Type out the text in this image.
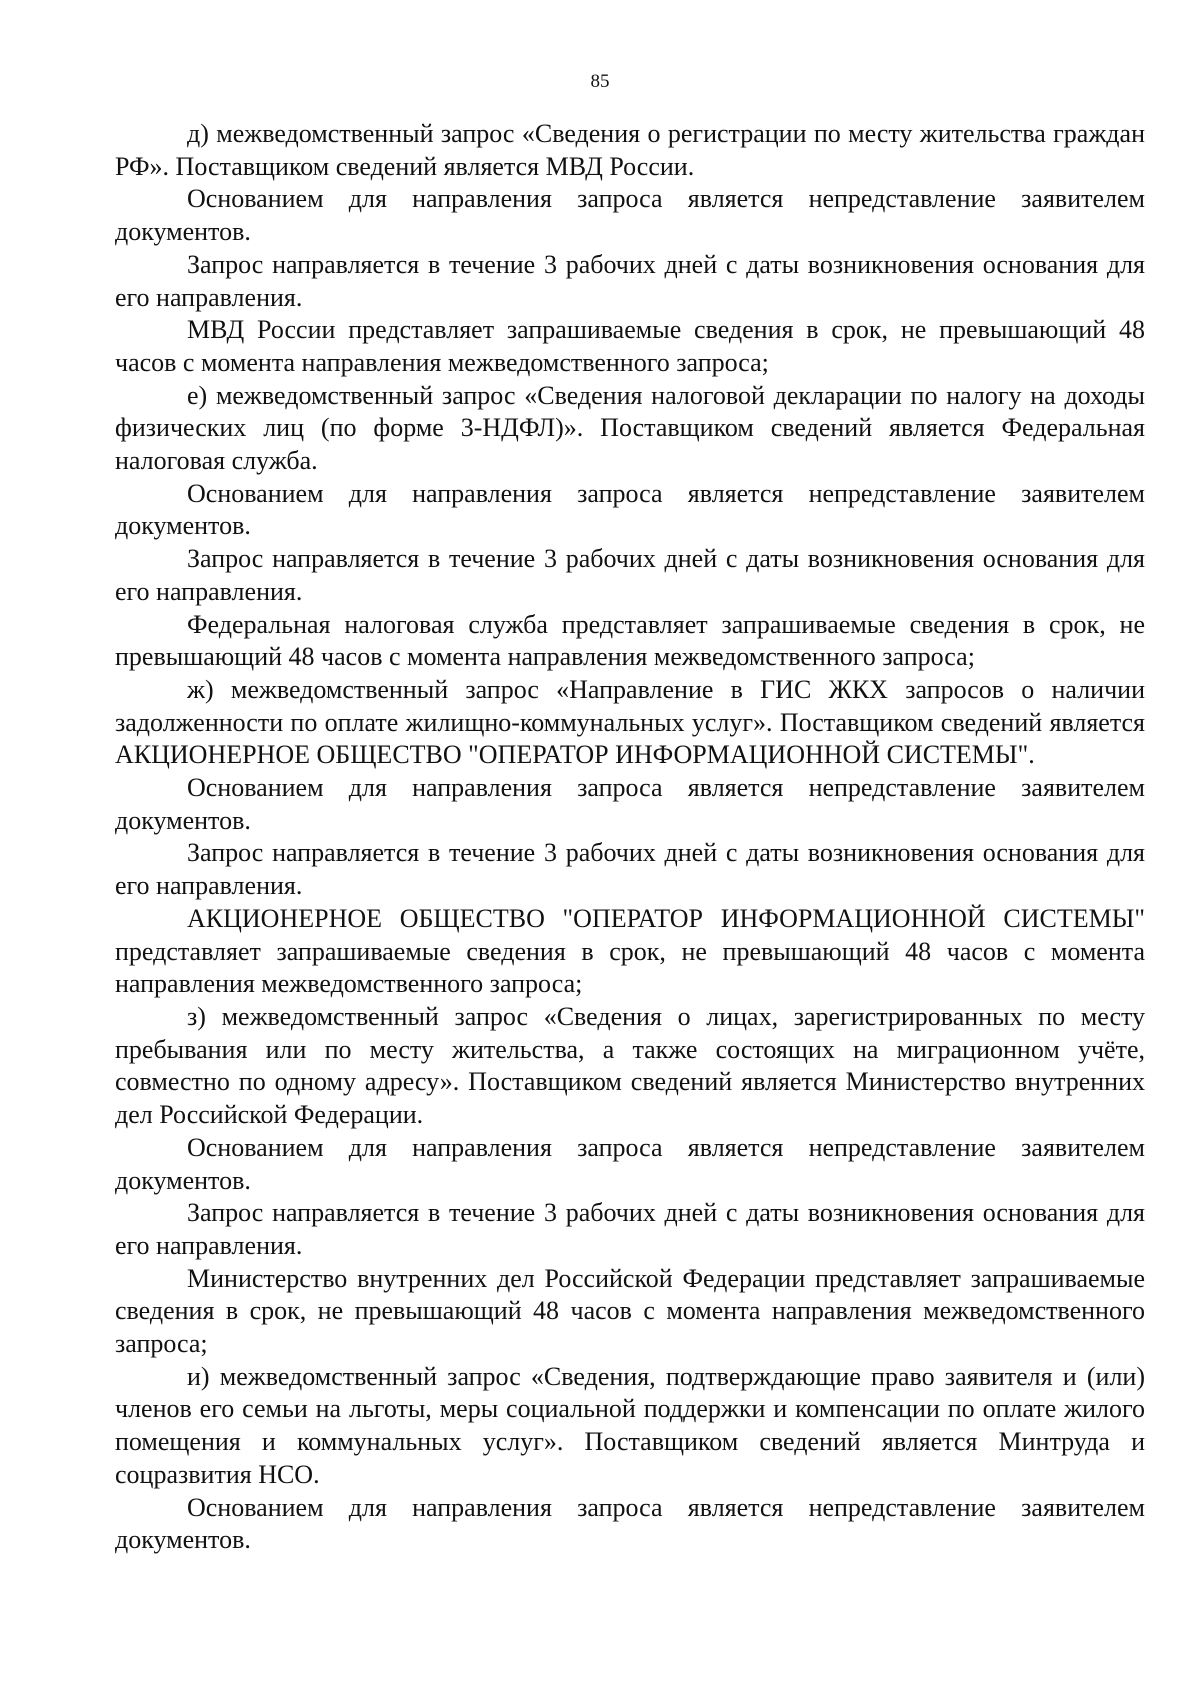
85

д) межведомственный запрос «Сведения о регистрации по месту жительства граждан РФ». Поставщиком сведений является МВД России.

Основанием для направления запроса является непредставление заявителем документов.

Запрос направляется в течение 3 рабочих дней с даты возникновения основания для его направления.

МВД России представляет запрашиваемые сведения в срок, не превышающий 48 часов с момента направления межведомственного запроса;

е) межведомственный запрос «Сведения налоговой декларации по налогу на доходы физических лиц (по форме 3-НДФЛ)». Поставщиком сведений является Федеральная налоговая служба.

Основанием для направления запроса является непредставление заявителем документов.

Запрос направляется в течение 3 рабочих дней с даты возникновения основания для его направления.

Федеральная налоговая служба представляет запрашиваемые сведения в срок, не превышающий 48 часов с момента направления межведомственного запроса;

ж) межведомственный запрос «Направление в ГИС ЖКХ запросов о наличии задолженности по оплате жилищно-коммунальных услуг». Поставщиком сведений является АКЦИОНЕРНОЕ ОБЩЕСТВО "ОПЕРАТОР ИНФОРМАЦИОННОЙ СИСТЕМЫ".

Основанием для направления запроса является непредставление заявителем документов.

Запрос направляется в течение 3 рабочих дней с даты возникновения основания для его направления.

АКЦИОНЕРНОЕ ОБЩЕСТВО "ОПЕРАТОР ИНФОРМАЦИОННОЙ СИСТЕМЫ" представляет запрашиваемые сведения в срок, не превышающий 48 часов с момента направления межведомственного запроса;

з) межведомственный запрос «Сведения о лицах, зарегистрированных по месту пребывания или по месту жительства, а также состоящих на миграционном учёте, совместно по одному адресу». Поставщиком сведений является Министерство внутренних дел Российской Федерации.

Основанием для направления запроса является непредставление заявителем документов.

Запрос направляется в течение 3 рабочих дней с даты возникновения основания для его направления.

Министерство внутренних дел Российской Федерации представляет запрашиваемые сведения в срок, не превышающий 48 часов с момента направления межведомственного запроса;

и) межведомственный запрос «Сведения, подтверждающие право заявителя и (или) членов его семьи на льготы, меры социальной поддержки и компенсации по оплате жилого помещения и коммунальных услуг». Поставщиком сведений является Минтруда и соцразвития НСО.

Основанием для направления запроса является непредставление заявителем документов.
